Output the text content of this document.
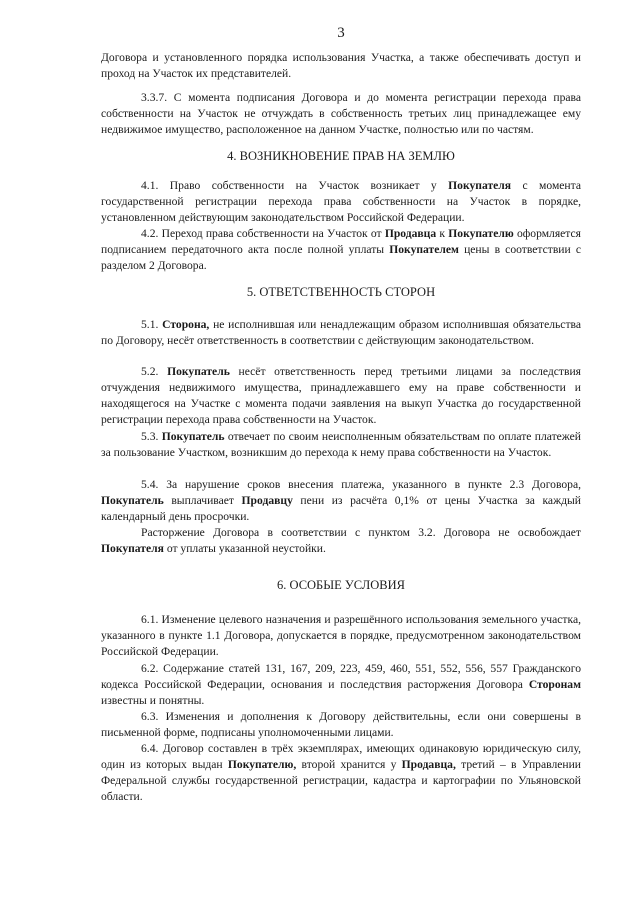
3

Договора и установленного порядка использования Участка, а также обеспечивать доступ и проход на Участок их представителей.

3.3.7. С момента подписания Договора и до момента регистрации перехода права собственности на Участок не отчуждать в собственность третьих лиц принадлежащее ему недвижимое имущество, расположенное на данном Участке, полностью или по частям.

4. ВОЗНИКНОВЕНИЕ ПРАВ НА ЗЕМЛЮ

4.1. Право собственности на Участок возникает у Покупателя с момента государственной регистрации перехода права собственности на Участок в порядке, установленном действующим законодательством Российской Федерации.

4.2. Переход права собственности на Участок от Продавца к Покупателю оформляется подписанием передаточного акта после полной уплаты Покупателем цены в соответствии с разделом 2 Договора.

5. ОТВЕТСТВЕННОСТЬ СТОРОН

5.1. Сторона, не исполнившая или ненадлежащим образом исполнившая обязательства по Договору, несёт ответственность в соответствии с действующим законодательством.

5.2. Покупатель несёт ответственность перед третьими лицами за последствия отчуждения недвижимого имущества, принадлежавшего ему на праве собственности и находящегося на Участке с момента подачи заявления на выкуп Участка до государственной регистрации перехода права собственности на Участок.

5.3. Покупатель отвечает по своим неисполненным обязательствам по оплате платежей за пользование Участком, возникшим до перехода к нему права собственности на Участок.

5.4. За нарушение сроков внесения платежа, указанного в пункте 2.3 Договора, Покупатель выплачивает Продавцу пени из расчёта 0,1% от цены Участка за каждый календарный день просрочки.

Расторжение Договора в соответствии с пунктом 3.2. Договора не освобождает Покупателя от уплаты указанной неустойки.

6. ОСОБЫЕ УСЛОВИЯ

6.1. Изменение целевого назначения и разрешённого использования земельного участка, указанного в пункте 1.1 Договора, допускается в порядке, предусмотренном законодательством Российской Федерации.

6.2. Содержание статей 131, 167, 209, 223, 459, 460, 551, 552, 556, 557 Гражданского кодекса Российской Федерации, основания и последствия расторжения Договора Сторонам известны и понятны.

6.3. Изменения и дополнения к Договору действительны, если они совершены в письменной форме, подписаны уполномоченными лицами.

6.4. Договор составлен в трёх экземплярах, имеющих одинаковую юридическую силу, один из которых выдан Покупателю, второй хранится у Продавца, третий – в Управлении Федеральной службы государственной регистрации, кадастра и картографии по Ульяновской области.
